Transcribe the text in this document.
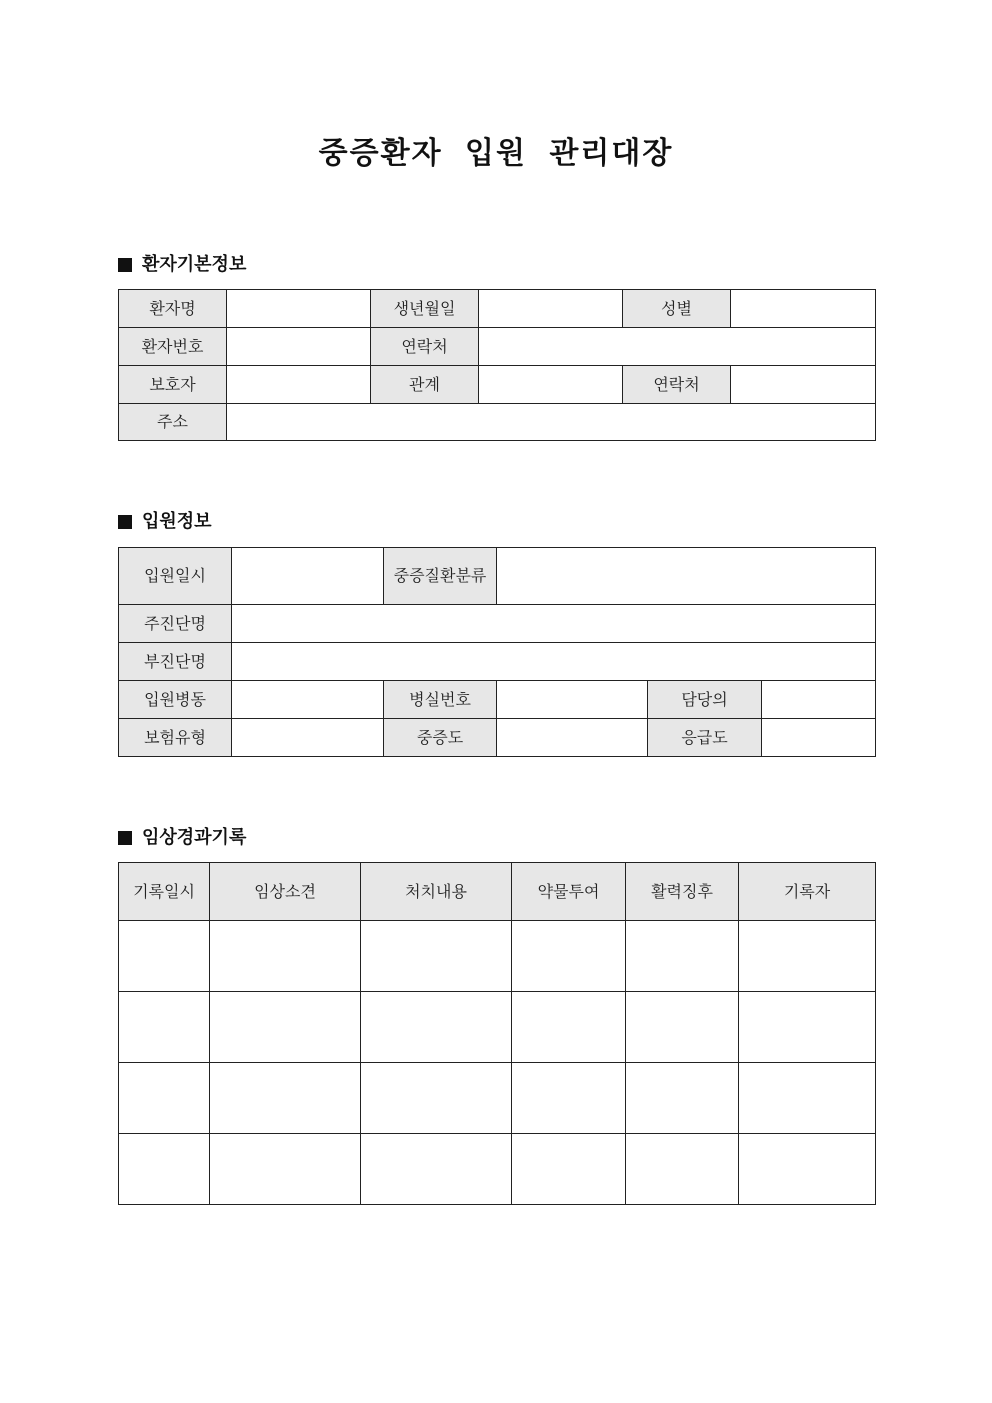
중증환자 입원 관리대장
환자기본정보
환자명		생년월일		성별	
환자번호		연락처			
보호자		관계		연락처	
주소					
입원정보
입원일시		중증질환분류			
주진단명					
부진단명					
입원병동		병실번호		담당의	
보험유형		중증도		응급도	
임상경과기록
기록일시	임상소견	처치내용	약물투여	활력징후	기록자
